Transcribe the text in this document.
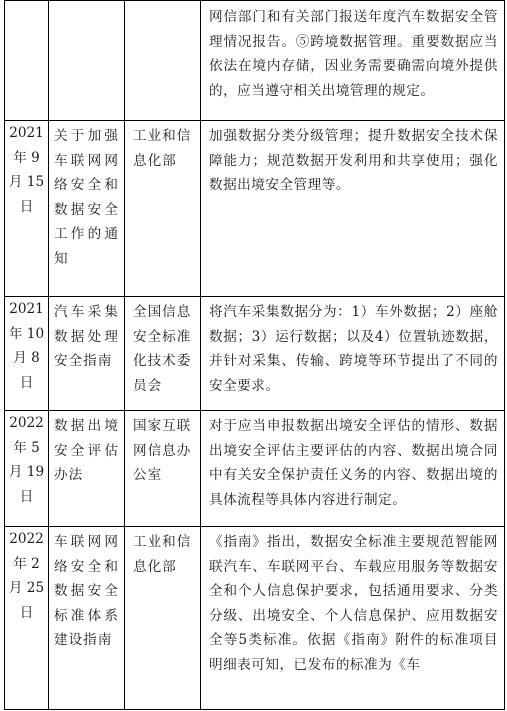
			网信部门和有关部门报送年度汽车数据安全管理情况报告。⑤跨境数据管理。重要数据应当依法在境内存储，因业务需要确需向境外提供的，应当遵守相关出境管理的规定。

2021
年 9
月 15
日	关于加强车联网网络安全和数据安全工作的通知	工业和信息化部	加强数据分类分级管理；提升数据安全技术保障能力；规范数据开发利用和共享使用；强化数据出境安全管理等。

2021
年 10
月 8
日	汽车采集数据处理安全指南	全国信息安全标准化技术委员会	将汽车采集数据分为：1）车外数据；2）座舱数据；3）运行数据；以及4）位置轨迹数据，并针对采集、传输、跨境等环节提出了不同的安全要求。

2022
年 5
月 19
日	数据出境安全评估办法	国家互联网信息办公室	对于应当申报数据出境安全评估的情形、数据出境安全评估主要评估的内容、数据出境合同中有关安全保护责任义务的内容、数据出境的具体流程等具体内容进行制定。

2022
年 2
月 25
日	车联网网络安全和数据安全标准体系建设指南	工业和信息化部	《指南》指出，数据安全标准主要规范智能网联汽车、车联网平台、车载应用服务等数据安全和个人信息保护要求，包括通用要求、分类分级、出境安全、个人信息保护、应用数据安全等5类标准。依据《指南》附件的标准项目明细表可知，已发布的标准为《车
